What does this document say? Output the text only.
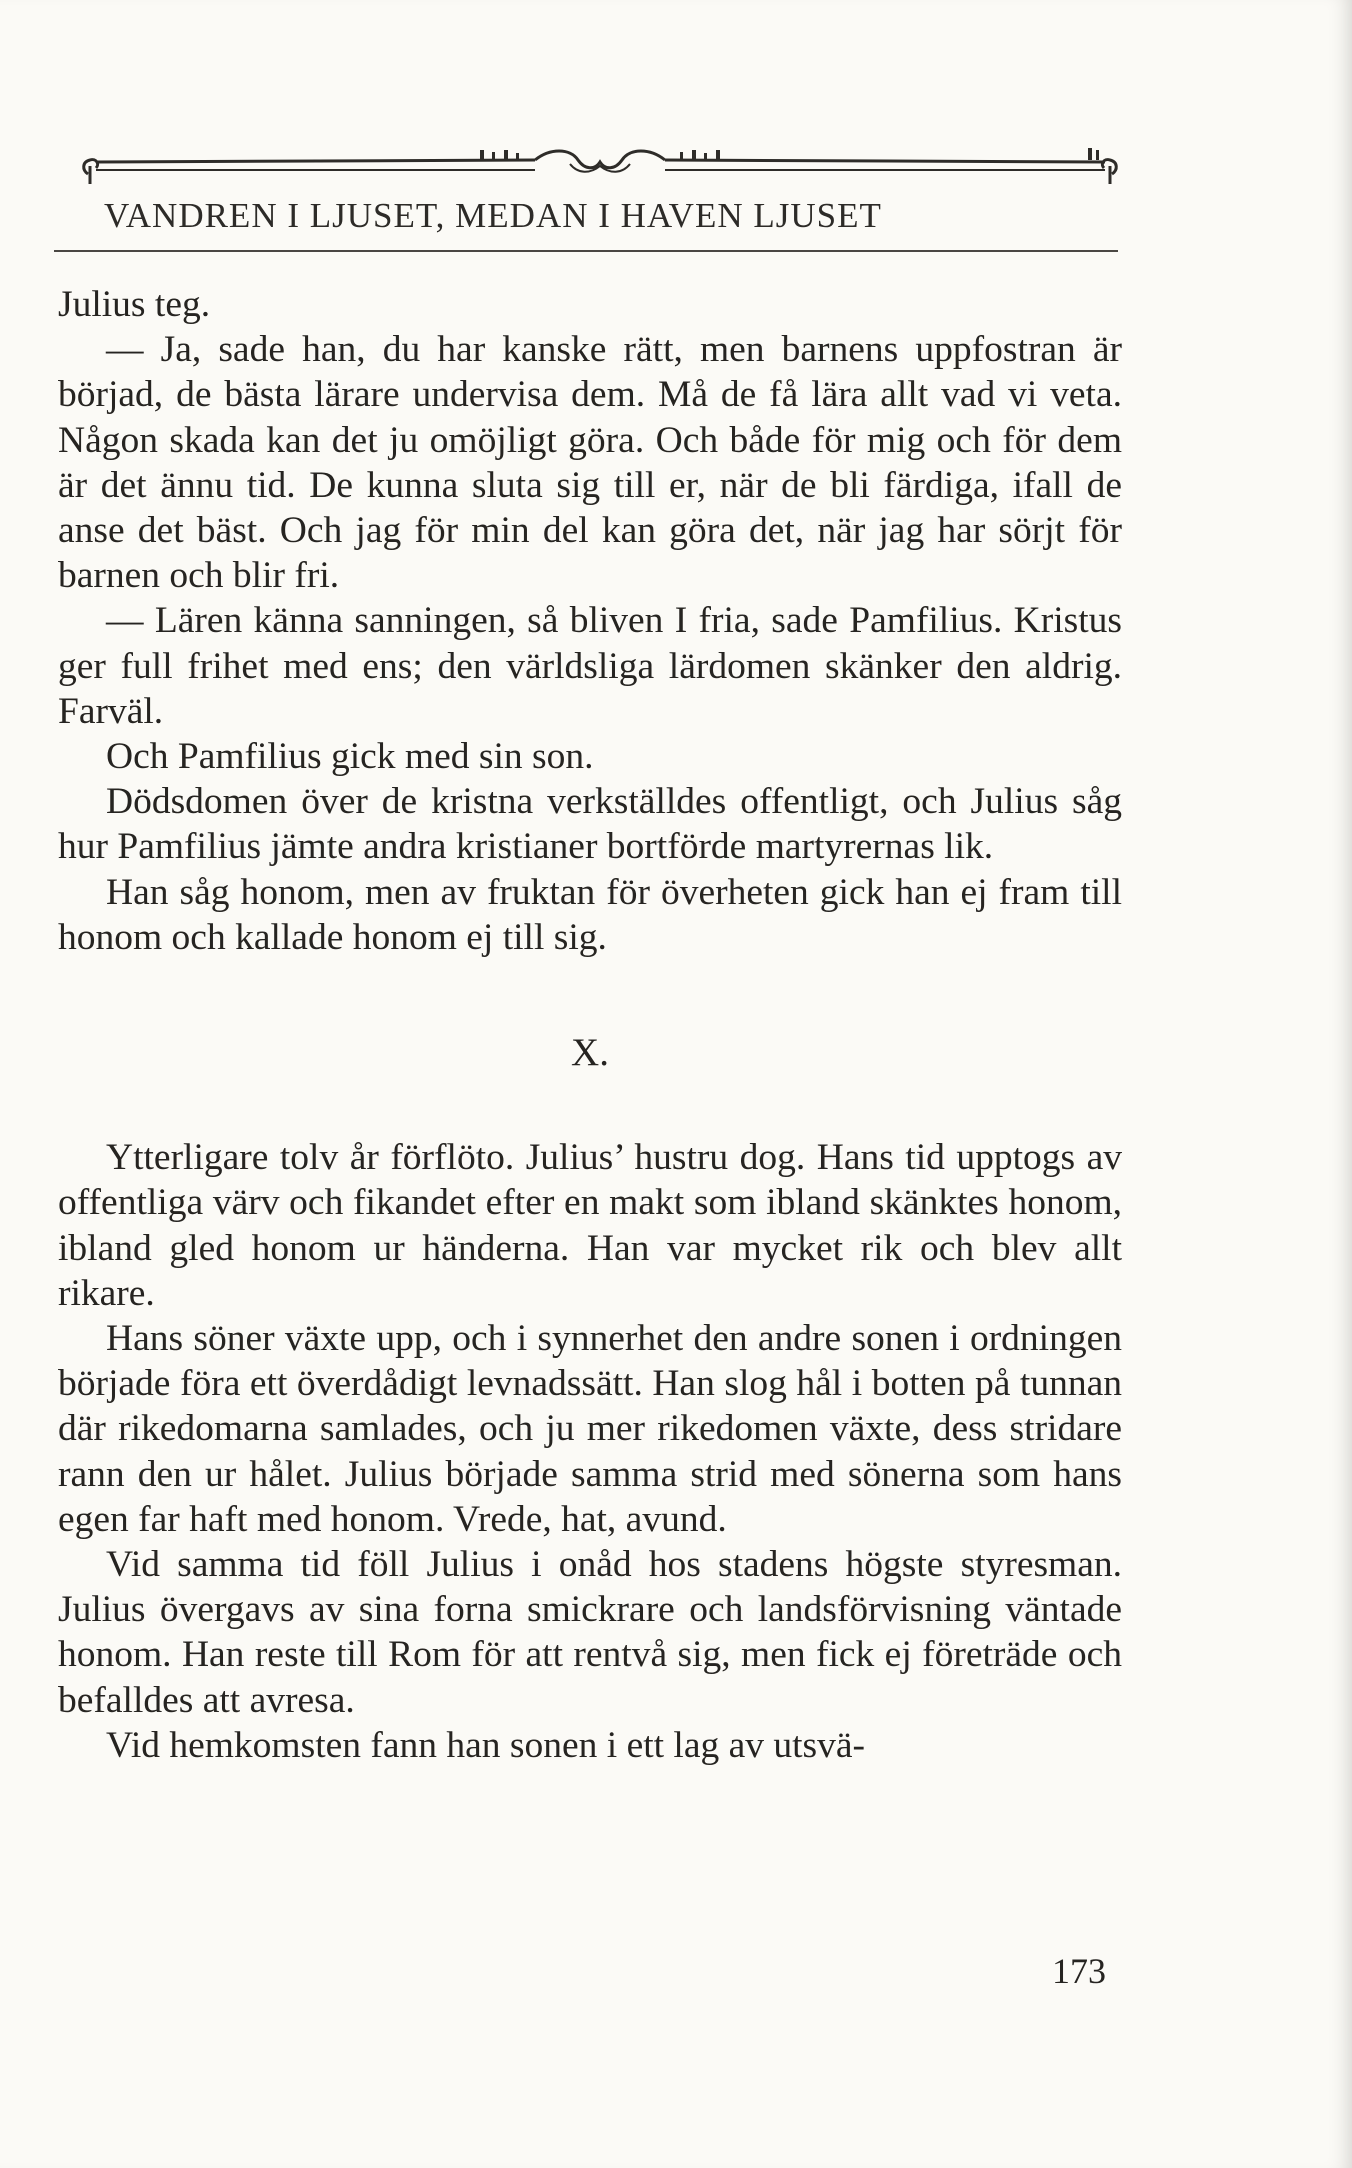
VANDREN I LJUSET, MEDAN I HAVEN LJUSET

Julius teg.

— Ja, sade han, du har kanske rätt, men barnens uppfostran är börjad, de bästa lärare undervisa dem. Må de få lära allt vad vi veta. Någon skada kan det ju omöjligt göra. Och både för mig och för dem är det ännu tid. De kunna sluta sig till er, när de bli färdiga, ifall de anse det bäst. Och jag för min del kan göra det, när jag har sörjt för barnen och blir fri.

— Lären känna sanningen, så bliven I fria, sade Pamfilius. Kristus ger full frihet med ens; den världsliga lärdomen skänker den aldrig. Farväl.

Och Pamfilius gick med sin son.

Dödsdomen över de kristna verkställdes offentligt, och Julius såg hur Pamfilius jämte andra kristianer bortförde martyrernas lik.

Han såg honom, men av fruktan för överheten gick han ej fram till honom och kallade honom ej till sig.

X.

Ytterligare tolv år förflöto. Julius’ hustru dog. Hans tid upptogs av offentliga värv och fikandet efter en makt som ibland skänktes honom, ibland gled honom ur händerna. Han var mycket rik och blev allt rikare.

Hans söner växte upp, och i synnerhet den andre sonen i ordningen började föra ett överdådigt levnadssätt. Han slog hål i botten på tunnan där rikedomarna samlades, och ju mer rikedomen växte, dess stridare rann den ur hålet. Julius började samma strid med sönerna som hans egen far haft med honom. Vrede, hat, avund.

Vid samma tid föll Julius i onåd hos stadens högste styresman. Julius övergavs av sina forna smickrare och landsförvisning väntade honom. Han reste till Rom för att rentvå sig, men fick ej företräde och befalldes att avresa.

Vid hemkomsten fann han sonen i ett lag av utsvä-

173
